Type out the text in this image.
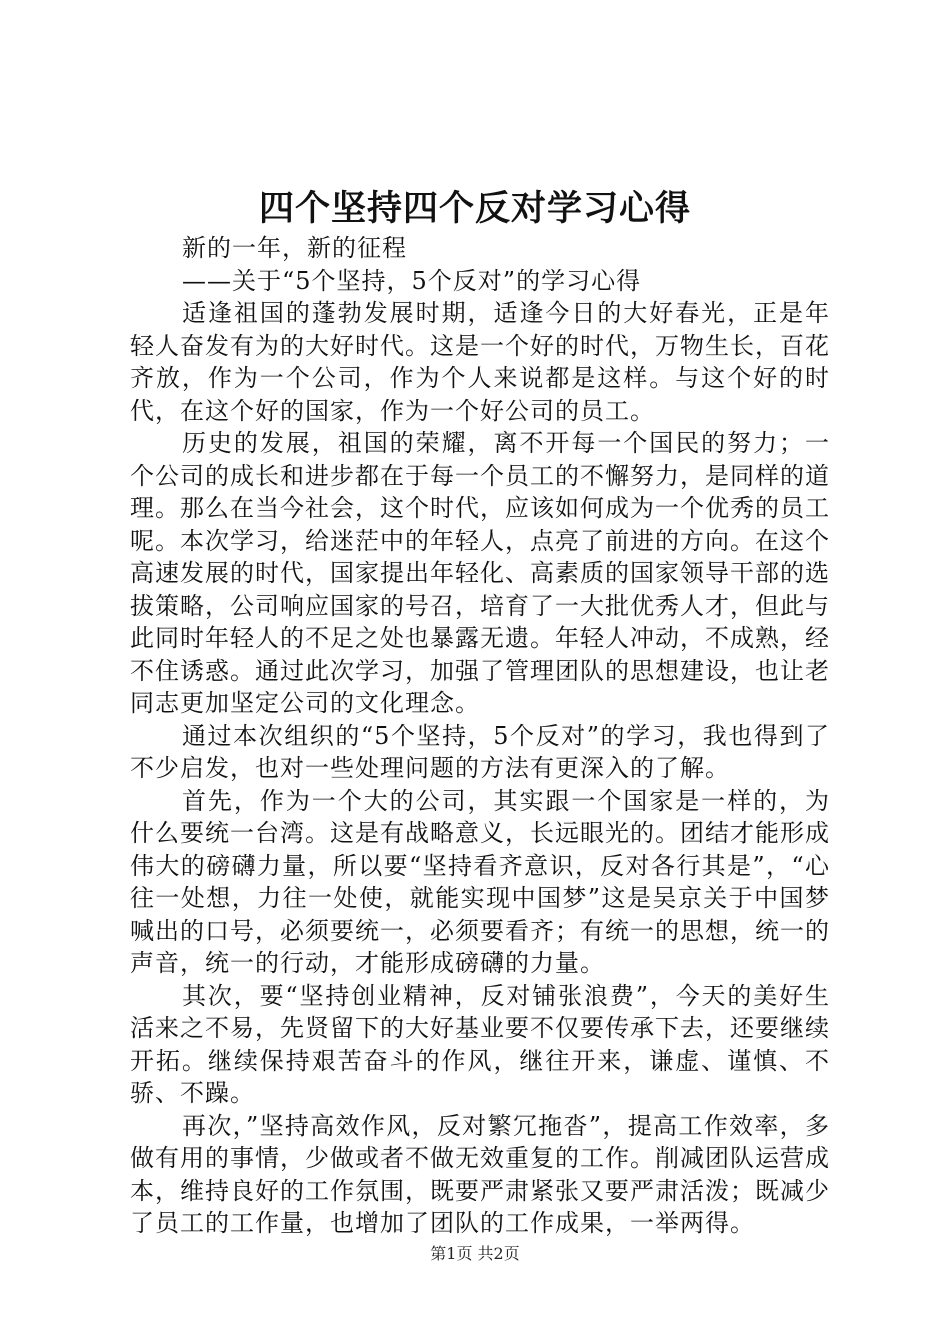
四个坚持四个反对学习心得

新的一年，新的征程

——关于“5个坚持，5个反对”的学习心得

适逢祖国的蓬勃发展时期，适逢今日的大好春光，正是年轻人奋发有为的大好时代。这是一个好的时代，万物生长，百花齐放，作为一个公司，作为个人来说都是这样。与这个好的时代，在这个好的国家，作为一个好公司的员工。

历史的发展，祖国的荣耀，离不开每一个国民的努力；一个公司的成长和进步都在于每一个员工的不懈努力，是同样的道理。那么在当今社会，这个时代，应该如何成为一个优秀的员工呢。本次学习，给迷茫中的年轻人，点亮了前进的方向。在这个高速发展的时代，国家提出年轻化、高素质的国家领导干部的选拔策略，公司响应国家的号召，培育了一大批优秀人才，但此与此同时年轻人的不足之处也暴露无遗。年轻人冲动，不成熟，经不住诱惑。通过此次学习，加强了管理团队的思想建设，也让老同志更加坚定公司的文化理念。

通过本次组织的“5个坚持，5个反对”的学习，我也得到了不少启发，也对一些处理问题的方法有更深入的了解。

首先，作为一个大的公司，其实跟一个国家是一样的，为什么要统一台湾。这是有战略意义，长远眼光的。团结才能形成伟大的磅礴力量，所以要“坚持看齐意识，反对各行其是”，“心往一处想，力往一处使，就能实现中国梦”这是吴京关于中国梦喊出的口号，必须要统一，必须要看齐；有统一的思想，统一的声音，统一的行动，才能形成磅礴的力量。

其次，要“坚持创业精神，反对铺张浪费”，今天的美好生活来之不易，先贤留下的大好基业要不仅要传承下去，还要继续开拓。继续保持艰苦奋斗的作风，继往开来，谦虚、谨慎、不骄、不躁。

再次，”坚持高效作风，反对繁冗拖沓”，提高工作效率，多做有用的事情，少做或者不做无效重复的工作。削减团队运营成本，维持良好的工作氛围，既要严肃紧张又要严肃活泼；既减少了员工的工作量，也增加了团队的工作成果，一举两得。

第1页 共2页
